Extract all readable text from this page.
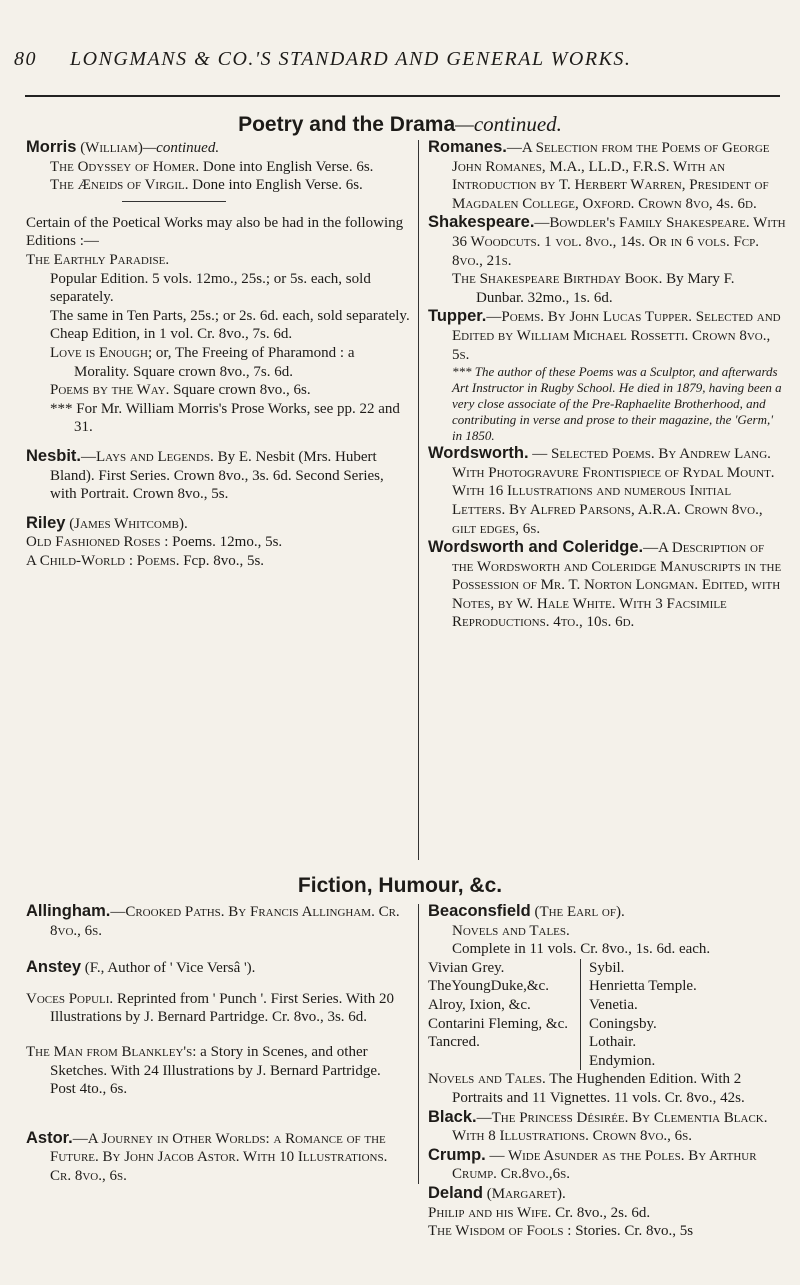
80 LONGMANS & CO.'S STANDARD AND GENERAL WORKS.
Poetry and the Drama—continued.

Morris (William)—continued.

The Odyssey of Homer. Done into English Verse. 6s.

The Æneids of Virgil. Done into English Verse. 6s.

Certain of the Poetical Works may also be had in the following Editions :—

The Earthly Paradise.

Popular Edition. 5 vols. 12mo., 25s.; or 5s. each, sold separately.

The same in Ten Parts, 25s.; or 2s. 6d. each, sold separately.

Cheap Edition, in 1 vol. Cr. 8vo., 7s. 6d.

Love is Enough; or, The Freeing of Pharamond : a Morality. Square crown 8vo., 7s. 6d.

Poems by the Way. Square crown 8vo., 6s.

*** For Mr. William Morris's Prose Works, see pp. 22 and 31.

Nesbit.—Lays and Legends. By E. Nesbit (Mrs. Hubert Bland). First Series. Crown 8vo., 3s. 6d. Second Series, with Portrait. Crown 8vo., 5s.

Riley (James Whitcomb).

Old Fashioned Roses : Poems. 12mo., 5s.

A Child-World : Poems. Fcp. 8vo., 5s.

Romanes.—A Selection from the Poems of George John Romanes, M.A., LL.D., F.R.S. With an Introduction by T. Herbert Warren, President of Magdalen College, Oxford. Crown 8vo, 4s. 6d.

Shakespeare.—Bowdler's Family Shakespeare. With 36 Woodcuts. 1 vol. 8vo., 14s. Or in 6 vols. Fcp. 8vo., 21s.

The Shakespeare Birthday Book. By Mary F. Dunbar. 32mo., 1s. 6d.

Tupper.—Poems. By John Lucas Tupper. Selected and Edited by William Michael Rossetti. Crown 8vo., 5s.

*** The author of these Poems was a Sculptor, and afterwards Art Instructor in Rugby School. He died in 1879, having been a very close associate of the Pre-Raphaelite Brotherhood, and contributing in verse and prose to their magazine, the 'Germ,' in 1850.

Wordsworth. — Selected Poems. By Andrew Lang. With Photogravure Frontispiece of Rydal Mount. With 16 Illustrations and numerous Initial Letters. By Alfred Parsons, A.R.A. Crown 8vo., gilt edges, 6s.

Wordsworth and Coleridge.—A Description of the Wordsworth and Coleridge Manuscripts in the Possession of Mr. T. Norton Longman. Edited, with Notes, by W. Hale White. With 3 Facsimile Reproductions. 4to., 10s. 6d.

Fiction, Humour, &c.

Allingham.—Crooked Paths. By Francis Allingham. Cr. 8vo., 6s.

Anstey (F., Author of ' Vice Versâ ').

Voces Populi. Reprinted from ' Punch '. First Series. With 20 Illustrations by J. Bernard Partridge. Cr. 8vo., 3s. 6d.

The Man from Blankley's: a Story in Scenes, and other Sketches. With 24 Illustrations by J. Bernard Partridge. Post 4to., 6s.

Astor.—A Journey in Other Worlds: a Romance of the Future. By John Jacob Astor. With 10 Illustrations. Cr. 8vo., 6s.

Beaconsfield (The Earl of).

Novels and Tales.

Complete in 11 vols. Cr. 8vo., 1s. 6d. each.

Vivian Grey.
TheYoungDuke,&c.
Alroy, Ixion, &c.
Contarini Fleming, &c.
Tancred.
Sybil.
Henrietta Temple.
Venetia.
Coningsby.
Lothair.
Endymion.

Novels and Tales. The Hughenden Edition. With 2 Portraits and 11 Vignettes. 11 vols. Cr. 8vo., 42s.

Black.—The Princess Désirée. By Clementia Black. With 8 Illustrations. Crown 8vo., 6s.

Crump. — Wide Asunder as the Poles. By Arthur Crump. Cr.8vo.,6s.

Deland (Margaret).

Philip and his Wife. Cr. 8vo., 2s. 6d.

The Wisdom of Fools : Stories. Cr. 8vo., 5s
